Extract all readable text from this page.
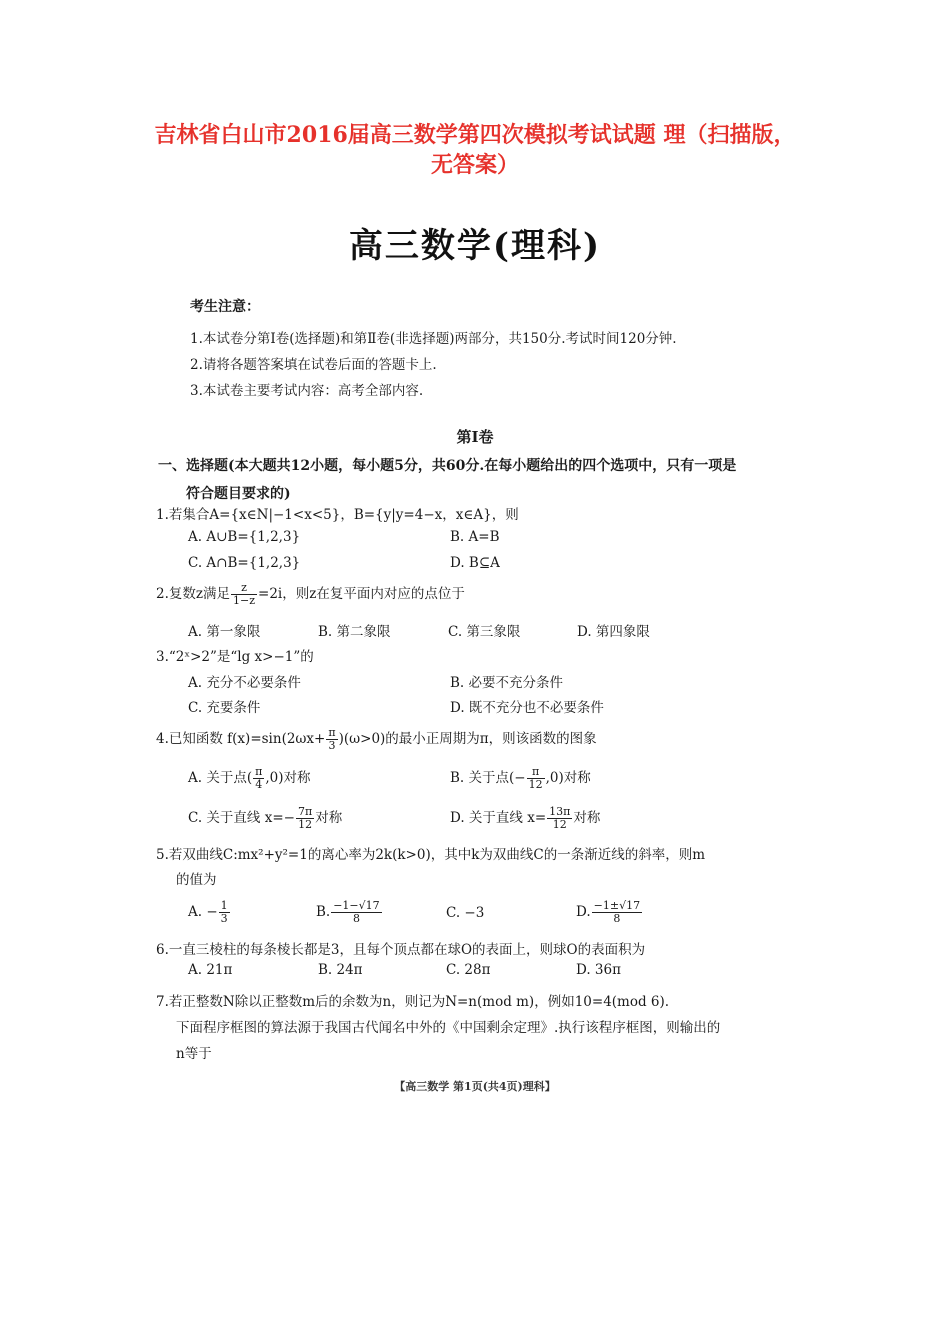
吉林省白山市2016届高三数学第四次模拟考试试题 理（扫描版，
无答案）
高三数学(理科)
考生注意：
1.本试卷分第Ⅰ卷(选择题)和第Ⅱ卷(非选择题)两部分，共150分.考试时间120分钟.
2.请将各题答案填在试卷后面的答题卡上.
3.本试卷主要考试内容：高考全部内容.
第Ⅰ卷
一、选择题(本大题共12小题，每小题5分，共60分.在每小题给出的四个选项中，只有一项是
符合题目要求的)
1.若集合A={x∈N|−1<x<5}，B={y|y=4−x，x∈A}，则
A. A∪B={1,2,3}	B. A=B
C. A∩B={1,2,3}	D. B⊆A
2.复数z满足 $\frac{z}{1-z} =2i$，则z在复平面内对应的点位于
A. 第一象限	B. 第二象限	C. 第三象限	D. 第四象限
3.“2ˣ>2”是“lg x>−1”的
A. 充分不必要条件	B. 必要不充分条件
C. 充要条件	D. 既不充分也不必要条件
4.已知函数 $f(x)=\sin(2\omega x+ \frac{\pi}{3} )(\omega>0)$的最小正周期为π，则该函数的图象
A. 关于点( $\frac{\pi}{4} ,0$)对称	B. 关于点(− $\frac{\pi}{12} ,0$)对称
C. 关于直线 $x=- \frac{7\pi}{12}$ 对称	D. 关于直线 $x= \frac{13\pi}{12}$ 对称
5.若双曲线C:mx²+y²=1的离心率为2k(k>0)，其中k为双曲线C的一条渐近线的斜率，则m
的值为
A. − $\frac{1}{3}$	B. $\frac{-1-√17}{8}$	C. −3	D. $\frac{-1\pm√17}{8}$
6.一直三棱柱的每条棱长都是3，且每个顶点都在球O的表面上，则球O的表面积为
A. 21π	B. 24π	C. 28π	D. 36π
7.若正整数N除以正整数m后的余数为n，则记为N=n(mod m)，例如10=4(mod 6).
下面程序框图的算法源于我国古代闻名中外的《中国剩余定理》.执行该程序框图，则输出的
n等于
【高三数学 第1页(共4页)理科】
